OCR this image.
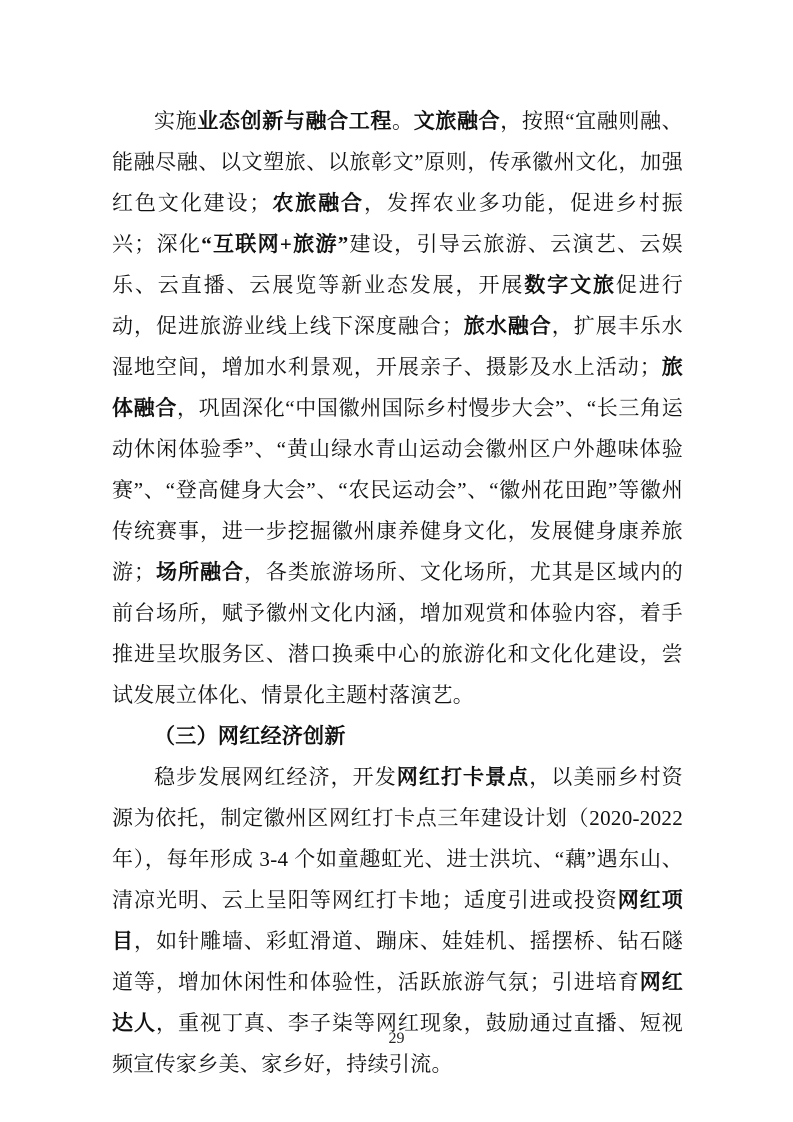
实施业态创新与融合工程。文旅融合，按照“宜融则融、能融尽融、以文塑旅、以旅彰文”原则，传承徽州文化，加强红色文化建设；农旅融合，发挥农业多功能，促进乡村振兴；深化“互联网+旅游”建设，引导云旅游、云演艺、云娱乐、云直播、云展览等新业态发展，开展数字文旅促进行动，促进旅游业线上线下深度融合；旅水融合，扩展丰乐水湿地空间，增加水利景观，开展亲子、摄影及水上活动；旅体融合，巩固深化“中国徽州国际乡村慢步大会”、“长三角运动休闲体验季”、“黄山绿水青山运动会徽州区户外趣味体验赛”、“登高健身大会”、“农民运动会”、“徽州花田跑”等徽州传统赛事，进一步挖掘徽州康养健身文化，发展健身康养旅游；场所融合，各类旅游场所、文化场所，尤其是区域内的前台场所，赋予徽州文化内涵，增加观赏和体验内容，着手推进呈坎服务区、潜口换乘中心的旅游化和文化化建设，尝试发展立体化、情景化主题村落演艺。

（三）网红经济创新

稳步发展网红经济，开发网红打卡景点，以美丽乡村资源为依托，制定徽州区网红打卡点三年建设计划（2020-2022 年），每年形成 3-4 个如童趣虹光、进士洪坑、“藕”遇东山、清凉光明、云上呈阳等网红打卡地；适度引进或投资网红项目，如针雕墙、彩虹滑道、蹦床、娃娃机、摇摆桥、钻石隧道等，增加休闲性和体验性，活跃旅游气氛；引进培育网红达人，重视丁真、李子柒等网红现象，鼓励通过直播、短视频宣传家乡美、家乡好，持续引流。

29
